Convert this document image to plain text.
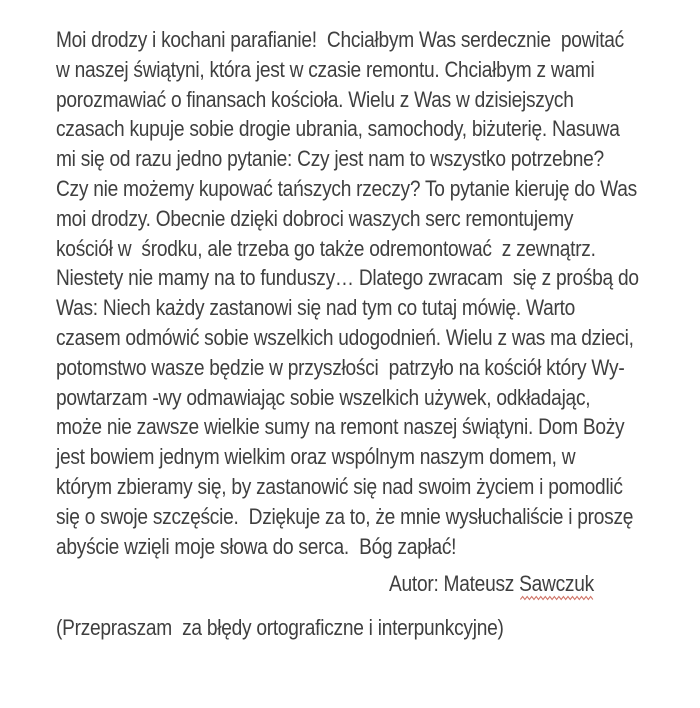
Moi drodzy i kochani parafianie!  Chciałbym Was serdecznie  powitać
w naszej świątyni, która jest w czasie remontu. Chciałbym z wami
porozmawiać o finansach kościoła. Wielu z Was w dzisiejszych
czasach kupuje sobie drogie ubrania, samochody, biżuterię. Nasuwa
mi się od razu jedno pytanie: Czy jest nam to wszystko potrzebne?
Czy nie możemy kupować tańszych rzeczy? To pytanie kieruję do Was
moi drodzy. Obecnie dzięki dobroci waszych serc remontujemy
kościół w  środku, ale trzeba go także odremontować  z zewnątrz.
Niestety nie mamy na to funduszy… Dlatego zwracam  się z prośbą do
Was: Niech każdy zastanowi się nad tym co tutaj mówię. Warto
czasem odmówić sobie wszelkich udogodnień. Wielu z was ma dzieci,
potomstwo wasze będzie w przyszłości  patrzyło na kościół który Wy-
powtarzam -wy odmawiając sobie wszelkich używek, odkładając,
może nie zawsze wielkie sumy na remont naszej świątyni. Dom Boży
jest bowiem jednym wielkim oraz wspólnym naszym domem, w
którym zbieramy się, by zastanowić się nad swoim życiem i pomodlić
się o swoje szczęście.  Dziękuje za to, że mnie wysłuchaliście i proszę
abyście wzięli moje słowa do serca.  Bóg zapłać!
Autor: Mateusz Sawczuk
(Przepraszam  za błędy ortograficzne i interpunkcyjne)
